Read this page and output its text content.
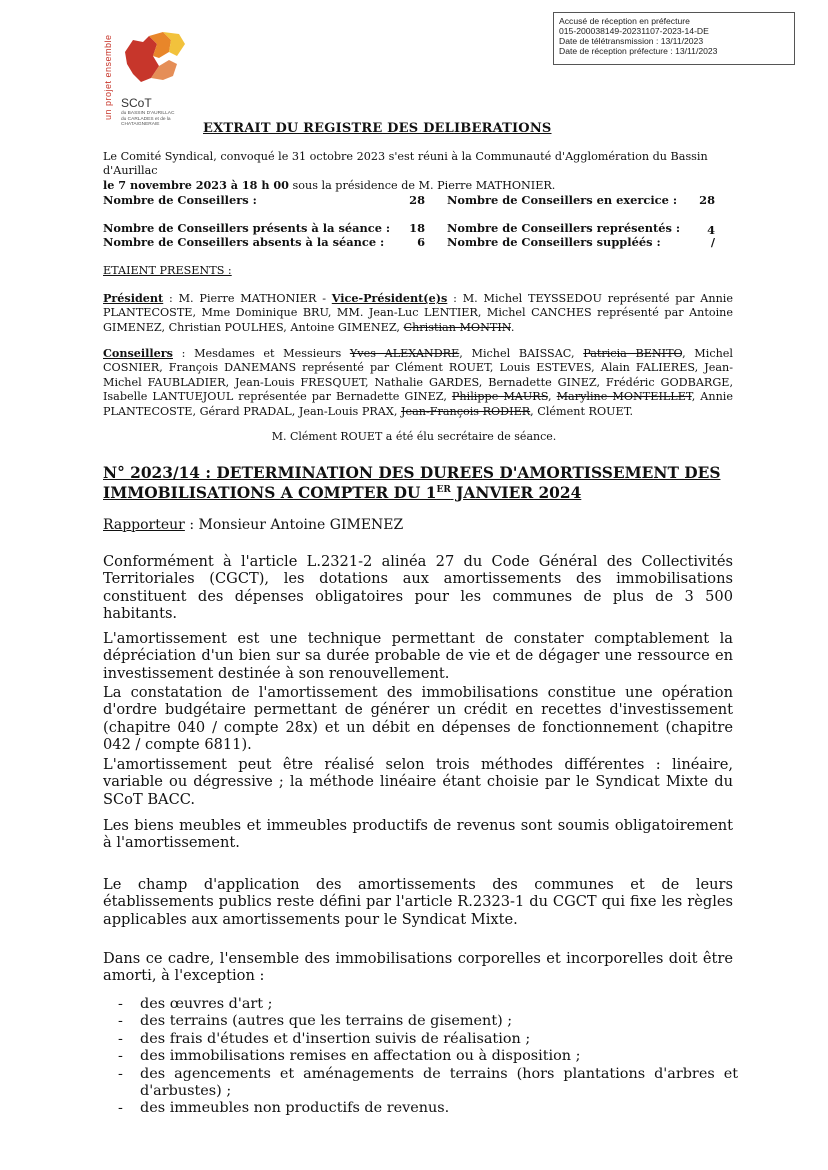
Accusé de réception en préfecture
015-200038149-20231107-2023-14-DE
Date de télétransmission : 13/11/2023
Date de réception préfecture : 13/11/2023
un projet ensemble SCoT
du BASSIN D'AURILLAC du CARLADES et de la CHATAIGNERAIE	EXTRAIT DU REGISTRE DES DELIBERATIONS
Le Comité Syndical, convoqué le 31 octobre 2023 s'est réuni à la Communauté d'Agglomération du Bassin d'Aurillac
le 7 novembre 2023 à 18 h 00 sous la présidence de M. Pierre MATHONIER.
Nombre de Conseillers :	28 Nombre de Conseillers en exercice :	28
Nombre de Conseillers présents à la séance :	18 Nombre de Conseillers représentés :	4
Nombre de Conseillers absents à la séance :	6 Nombre de Conseillers suppléés :	/
ETAIENT PRESENTS :
Président : M. Pierre MATHONIER - Vice-Président(e)s : M. Michel TEYSSEDOU représenté par Annie PLANTECOSTE, Mme Dominique BRU, MM. Jean-Luc LENTIER, Michel CANCHES représenté par Antoine GIMENEZ, Christian POULHES, Antoine GIMENEZ, Christian MONTIN.
Conseillers : Mesdames et Messieurs Yves ALEXANDRE, Michel BAISSAC, Patricia BENITO, Michel COSNIER, François DANEMANS représenté par Clément ROUET, Louis ESTEVES, Alain FALIERES, Jean-Michel FAUBLADIER, Jean-Louis FRESQUET, Nathalie GARDES, Bernadette GINEZ, Frédéric GODBARGE, Isabelle LANTUEJOUL représentée par Bernadette GINEZ, Philippe MAURS, Maryline MONTEILLET, Annie PLANTECOSTE, Gérard PRADAL, Jean-Louis PRAX, Jean-François RODIER, Clément ROUET.
M. Clément ROUET a été élu secrétaire de séance.
N° 2023/14 : DETERMINATION DES DUREES D'AMORTISSEMENT DES IMMOBILISATIONS A COMPTER DU 1ER JANVIER 2024
Rapporteur : Monsieur Antoine GIMENEZ
Conformément à l'article L.2321-2 alinéa 27 du Code Général des Collectivités Territoriales (CGCT), les dotations aux amortissements des immobilisations constituent des dépenses obligatoires pour les communes de plus de 3 500 habitants.
L'amortissement est une technique permettant de constater comptablement la dépréciation d'un bien sur sa durée probable de vie et de dégager une ressource en investissement destinée à son renouvellement.
La constatation de l'amortissement des immobilisations constitue une opération d'ordre budgétaire permettant de générer un crédit en recettes d'investissement (chapitre 040 / compte 28x) et un débit en dépenses de fonctionnement (chapitre 042 / compte 6811).
L'amortissement peut être réalisé selon trois méthodes différentes : linéaire, variable ou dégressive ; la méthode linéaire étant choisie par le Syndicat Mixte du SCoT BACC.
Les biens meubles et immeubles productifs de revenus sont soumis obligatoirement à l'amortissement.
Le champ d'application des amortissements des communes et de leurs établissements publics reste défini par l'article R.2323-1 du CGCT qui fixe les règles applicables aux amortissements pour le Syndicat Mixte.
Dans ce cadre, l'ensemble des immobilisations corporelles et incorporelles doit être amorti, à l'exception :
- des œuvres d'art ;
- des terrains (autres que les terrains de gisement) ;
- des frais d'études et d'insertion suivis de réalisation ;
- des immobilisations remises en affectation ou à disposition ;
- des agencements et aménagements de terrains (hors plantations d'arbres et d'arbustes) ;
- des immeubles non productifs de revenus.
